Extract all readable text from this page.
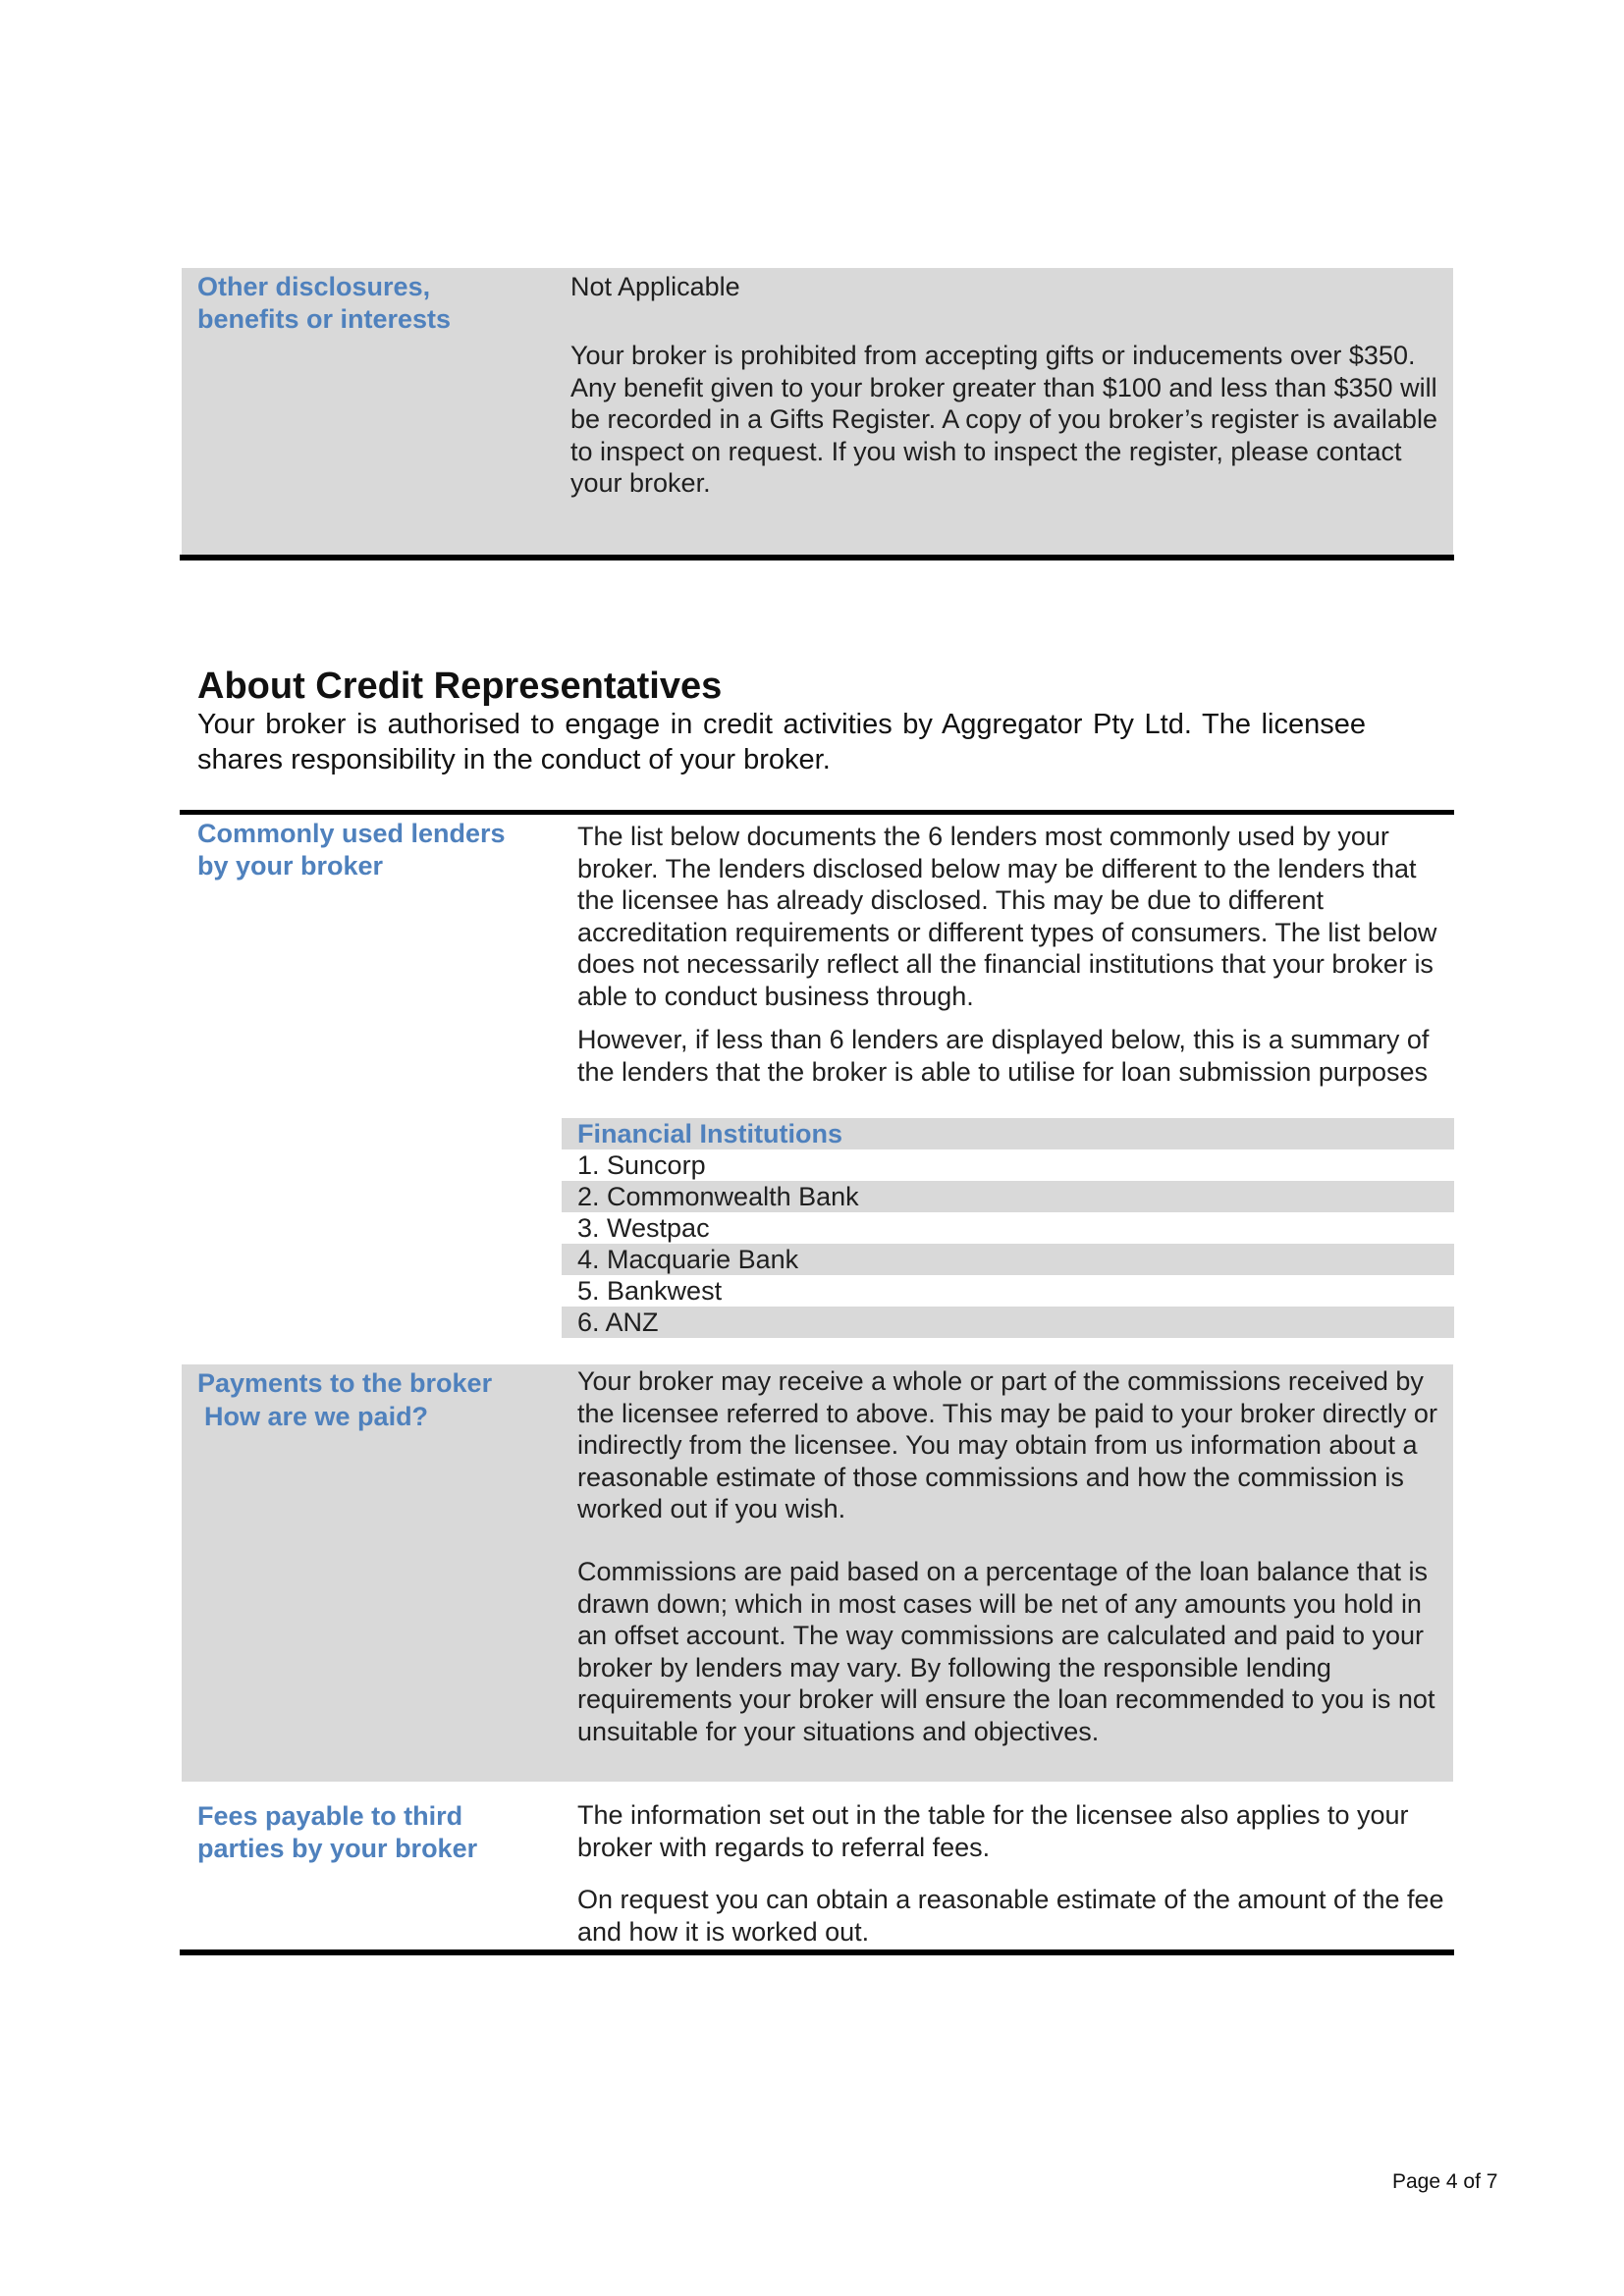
Other disclosures, benefits or interests

Not Applicable

Your broker is prohibited from accepting gifts or inducements over $350. Any benefit given to your broker greater than $100 and less than $350 will be recorded in a Gifts Register. A copy of you broker’s register is available to inspect on request. If you wish to inspect the register, please contact your broker.

About Credit Representatives

Your broker is authorised to engage in credit activities by Aggregator Pty Ltd. The licensee shares responsibility in the conduct of your broker.

Commonly used lenders by your broker

The list below documents the 6 lenders most commonly used by your broker. The lenders disclosed below may be different to the lenders that the licensee has already disclosed. This may be due to different accreditation requirements or different types of consumers. The list below does not necessarily reflect all the financial institutions that your broker is able to conduct business through.

However, if less than 6 lenders are displayed below, this is a summary of the lenders that the broker is able to utilise for loan submission purposes

Financial Institutions
1. Suncorp
2. Commonwealth Bank
3. Westpac
4. Macquarie Bank
5. Bankwest
6. ANZ
Payments to the broker
How are we paid?

Your broker may receive a whole or part of the commissions received by the licensee referred to above. This may be paid to your broker directly or indirectly from the licensee. You may obtain from us information about a reasonable estimate of those commissions and how the commission is worked out if you wish.

Commissions are paid based on a percentage of the loan balance that is drawn down; which in most cases will be net of any amounts you hold in an offset account. The way commissions are calculated and paid to your broker by lenders may vary. By following the responsible lending requirements your broker will ensure the loan recommended to you is not unsuitable for your situations and objectives.

Fees payable to third parties by your broker

The information set out in the table for the licensee also applies to your broker with regards to referral fees.

On request you can obtain a reasonable estimate of the amount of the fee and how it is worked out.

Page 4 of 7
